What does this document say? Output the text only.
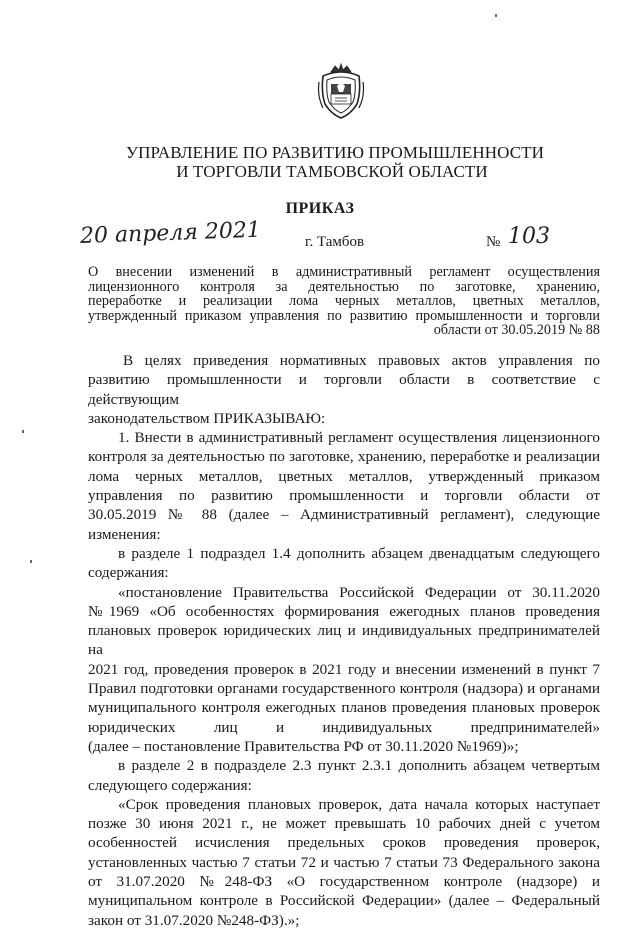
УПРАВЛЕНИЕ ПО РАЗВИТИЮ ПРОМЫШЛЕННОСТИ
И ТОРГОВЛИ ТАМБОВСКОЙ ОБЛАСТИ
ПРИКАЗ
20 апреля 2021	г. Тамбов	№ 103

О внесении изменений в административный регламент осуществления

лицензионного контроля за деятельностью по заготовке, хранению,

переработке и реализации лома черных металлов, цветных металлов,

утвержденный приказом управления по развитию промышленности и торговли

области от 30.05.2019 № 88

В целях приведения нормативных правовых актов управления по

развитию промышленности и торговли области в соответствие с действующим

законодательством ПРИКАЗЫВАЮ:

1. Внести в административный регламент осуществления лицензионного

контроля за деятельностью по заготовке, хранению, переработке и реализации

лома черных металлов, цветных металлов, утвержденный приказом

управления по развитию промышленности и торговли области от

30.05.2019 № 88 (далее – Административный регламент), следующие

изменения:

в разделе 1 подраздел 1.4 дополнить абзацем двенадцатым следующего

содержания:

«постановление Правительства Российской Федерации от 30.11.2020

№1969 «Об особенностях формирования ежегодных планов проведения

плановых проверок юридических лиц и индивидуальных предпринимателей на

2021 год, проведения проверок в 2021 году и внесении изменений в пункт 7

Правил подготовки органами государственного контроля (надзора) и органами

муниципального контроля ежегодных планов проведения плановых проверок

юридических лиц и индивидуальных предпринимателей»

(далее – постановление Правительства РФ от 30.11.2020 №1969)»;

в разделе 2 в подразделе 2.3 пункт 2.3.1 дополнить абзацем четвертым

следующего содержания:

«Срок проведения плановых проверок, дата начала которых наступает

позже 30 июня 2021 г., не может превышать 10 рабочих дней с учетом

особенностей исчисления предельных сроков проведения проверок,

установленных частью 7 статьи 72 и частью 7 статьи 73 Федерального закона

от 31.07.2020 №248-ФЗ «О государственном контроле (надзоре) и

муниципальном контроле в Российской Федерации» (далее – Федеральный

закон от 31.07.2020 №248-ФЗ).»;
